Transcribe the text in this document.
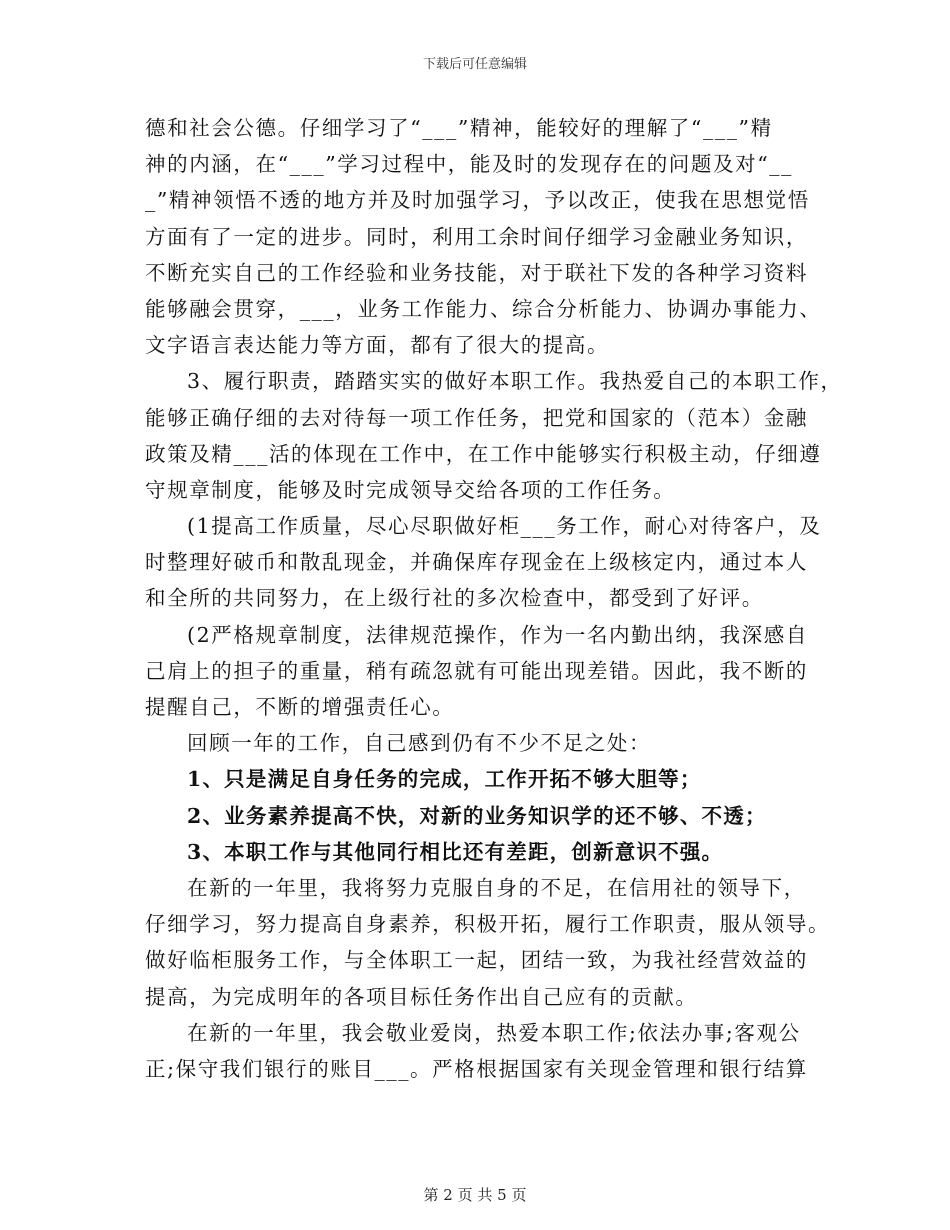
下载后可任意编辑
德和社会公德。仔细学习了“___”精神，能较好的理解了“___”精
神的内涵，在“___”学习过程中，能及时的发现存在的问题及对“__
_”精神领悟不透的地方并及时加强学习，予以改正，使我在思想觉悟
方面有了一定的进步。同时，利用工余时间仔细学习金融业务知识，
不断充实自己的工作经验和业务技能，对于联社下发的各种学习资料
能够融会贯穿，___，业务工作能力、综合分析能力、协调办事能力、
文字语言表达能力等方面，都有了很大的提高。
3、履行职责，踏踏实实的做好本职工作。我热爱自己的本职工作，
能够正确仔细的去对待每一项工作任务，把党和国家的（范本）金融
政策及精___活的体现在工作中，在工作中能够实行积极主动，仔细遵
守规章制度，能够及时完成领导交给各项的工作任务。
(1提高工作质量，尽心尽职做好柜___务工作，耐心对待客户，及
时整理好破币和散乱现金，并确保库存现金在上级核定内，通过本人
和全所的共同努力，在上级行社的多次检查中，都受到了好评。
(2严格规章制度，法律规范操作，作为一名内勤出纳，我深感自
己肩上的担子的重量，稍有疏忽就有可能出现差错。因此，我不断的
提醒自己，不断的增强责任心。
回顾一年的工作，自己感到仍有不少不足之处：
1、只是满足自身任务的完成，工作开拓不够大胆等；
2、业务素养提高不快，对新的业务知识学的还不够、不透；
3、本职工作与其他同行相比还有差距，创新意识不强。
在新的一年里，我将努力克服自身的不足，在信用社的领导下，
仔细学习，努力提高自身素养，积极开拓，履行工作职责，服从领导。
做好临柜服务工作，与全体职工一起，团结一致，为我社经营效益的
提高，为完成明年的各项目标任务作出自己应有的贡献。
在新的一年里，我会敬业爱岗，热爱本职工作;依法办事;客观公
正;保守我们银行的账目___。严格根据国家有关现金管理和银行结算
第 2 页 共 5 页
